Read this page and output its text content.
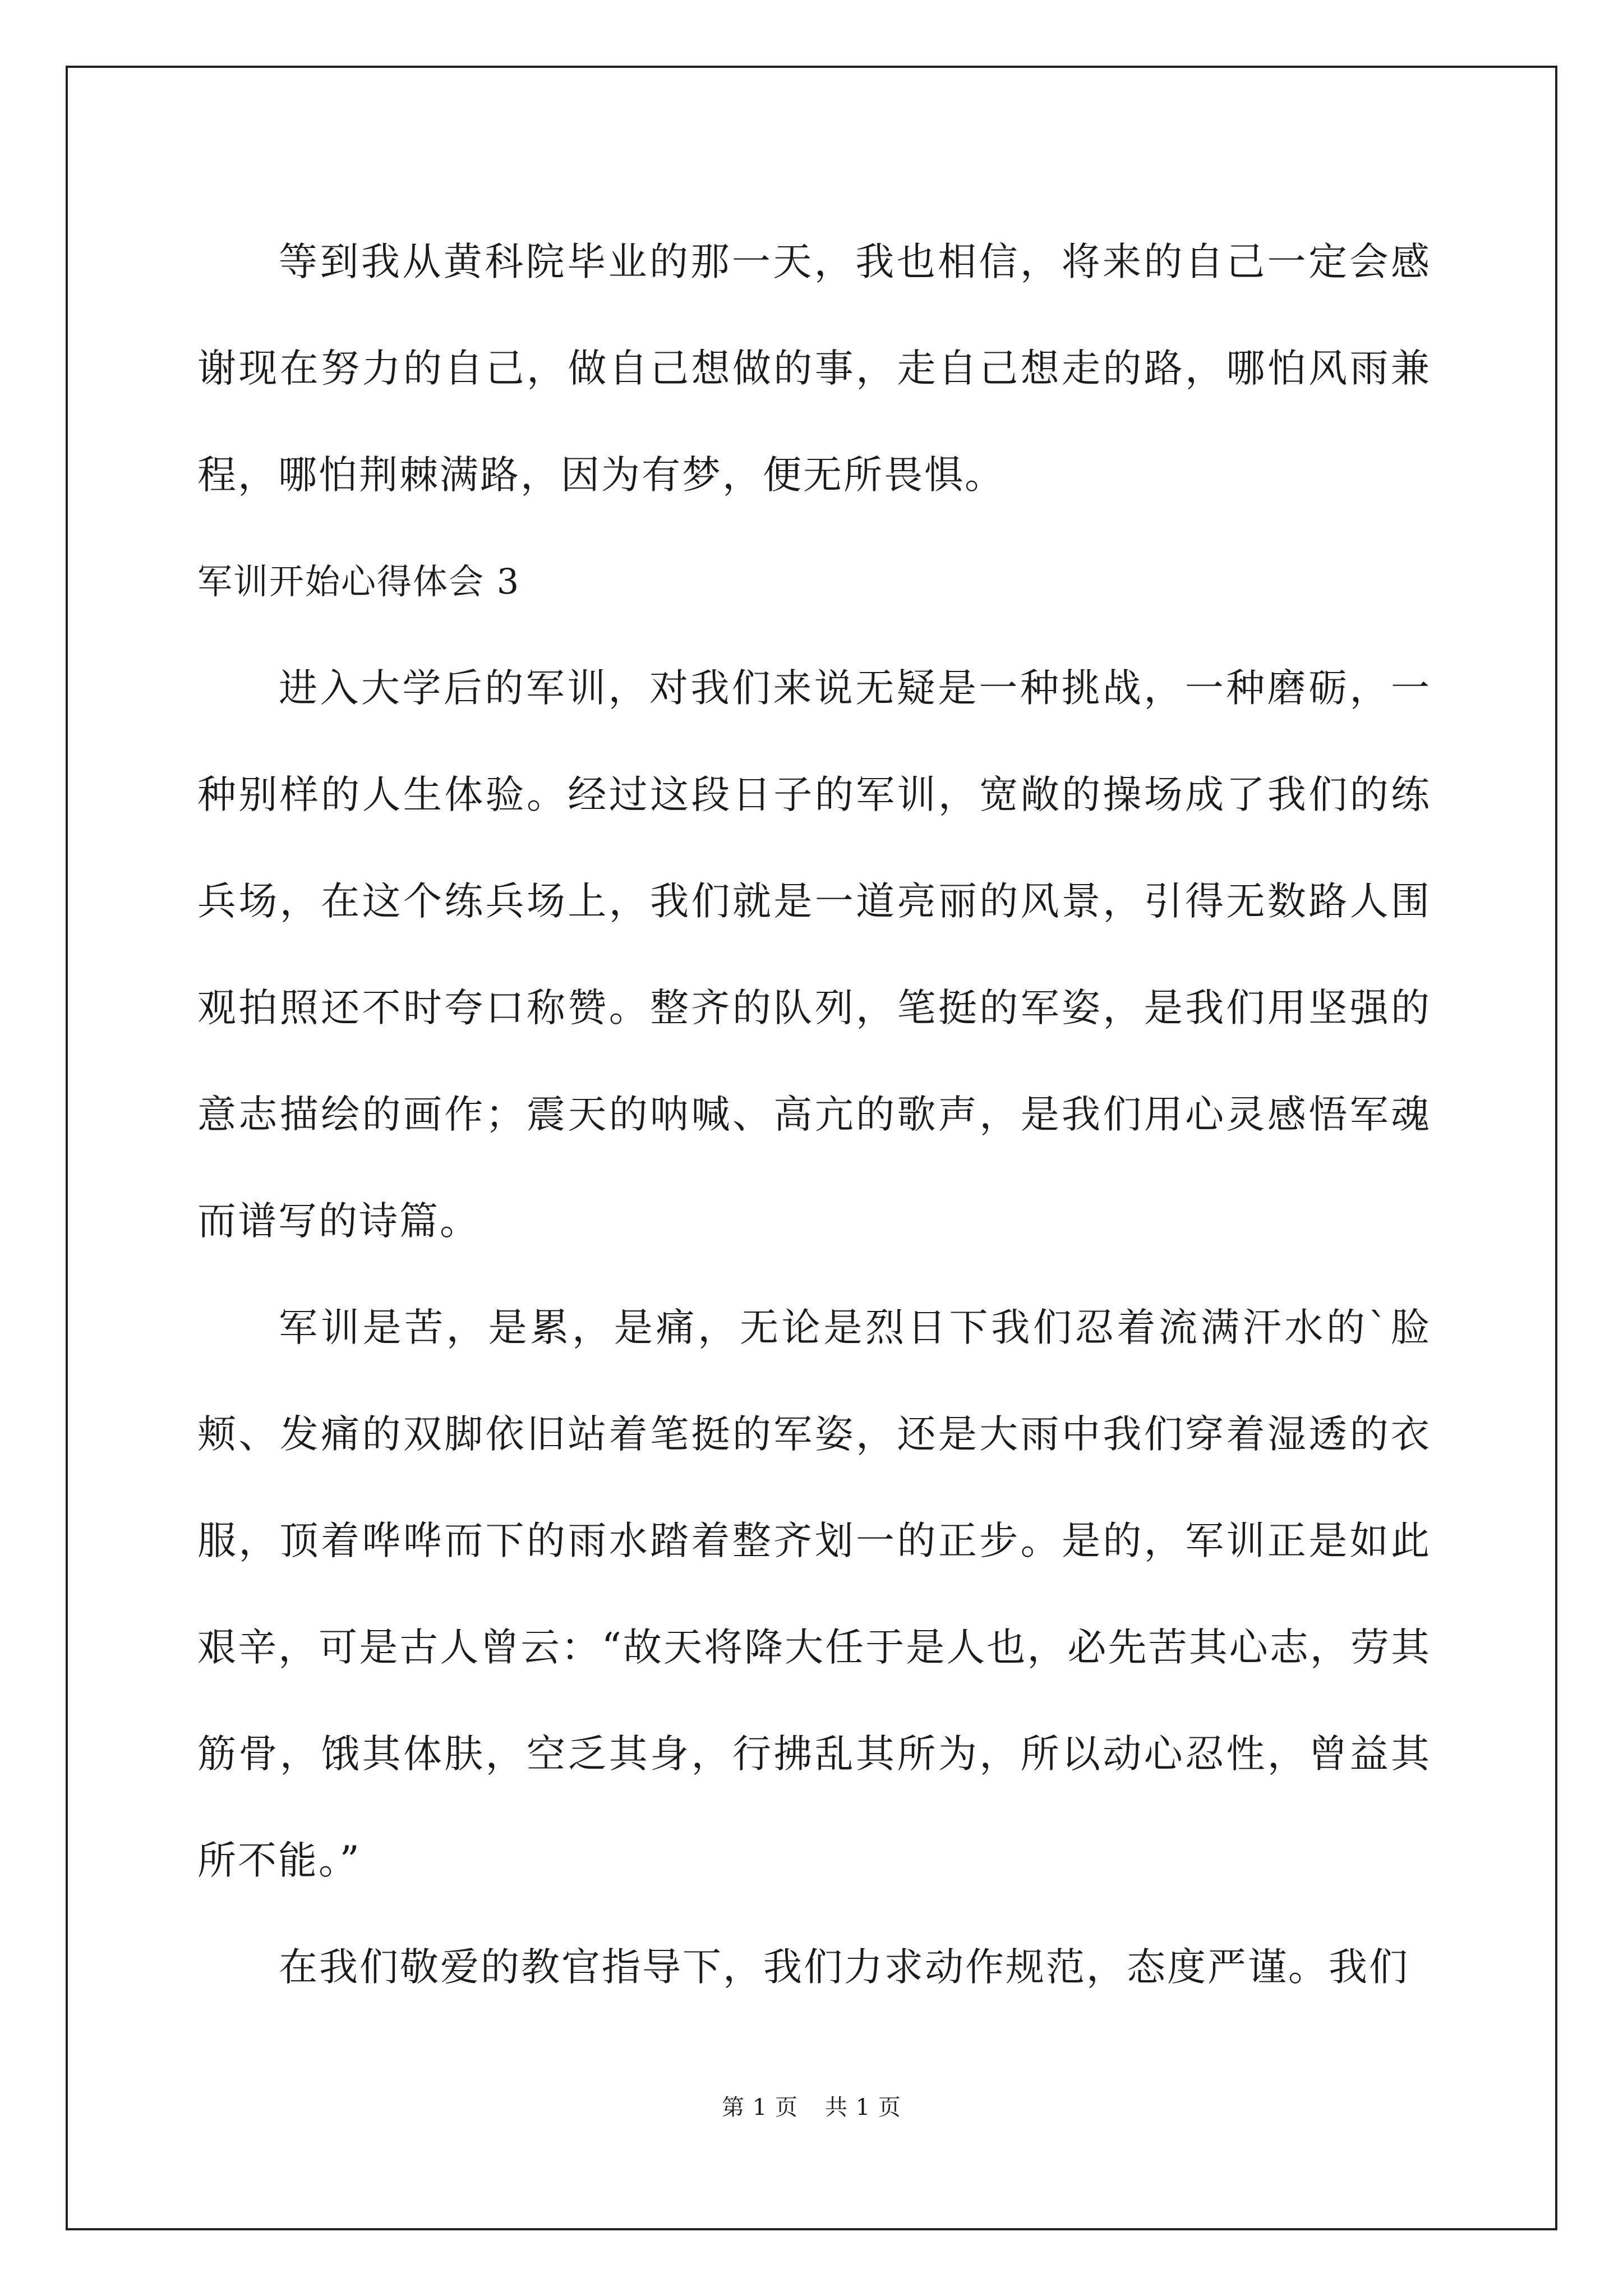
等到我从黄科院毕业的那一天，我也相信，将来的自己一定会感谢现在努力的自己，做自己想做的事，走自己想走的路，哪怕风雨兼程，哪怕荆棘满路，因为有梦，便无所畏惧。

军训开始心得体会 3

进入大学后的军训，对我们来说无疑是一种挑战，一种磨砺，一种别样的人生体验。经过这段日子的军训，宽敞的操场成了我们的练兵场，在这个练兵场上，我们就是一道亮丽的风景，引得无数路人围观拍照还不时夸口称赞。整齐的队列，笔挺的军姿，是我们用坚强的意志描绘的画作；震天的呐喊、高亢的歌声，是我们用心灵感悟军魂而谱写的诗篇。

军训是苦，是累，是痛，无论是烈日下我们忍着流满汗水的`脸颊、发痛的双脚依旧站着笔挺的军姿，还是大雨中我们穿着湿透的衣服，顶着哗哗而下的雨水踏着整齐划一的正步。是的，军训正是如此艰辛，可是古人曾云：“故天将降大任于是人也，必先苦其心志，劳其筋骨，饿其体肤，空乏其身，行拂乱其所为，所以动心忍性，曾益其所不能。”

在我们敬爱的教官指导下，我们力求动作规范，态度严谨。我们

第 1 页 共 1 页
